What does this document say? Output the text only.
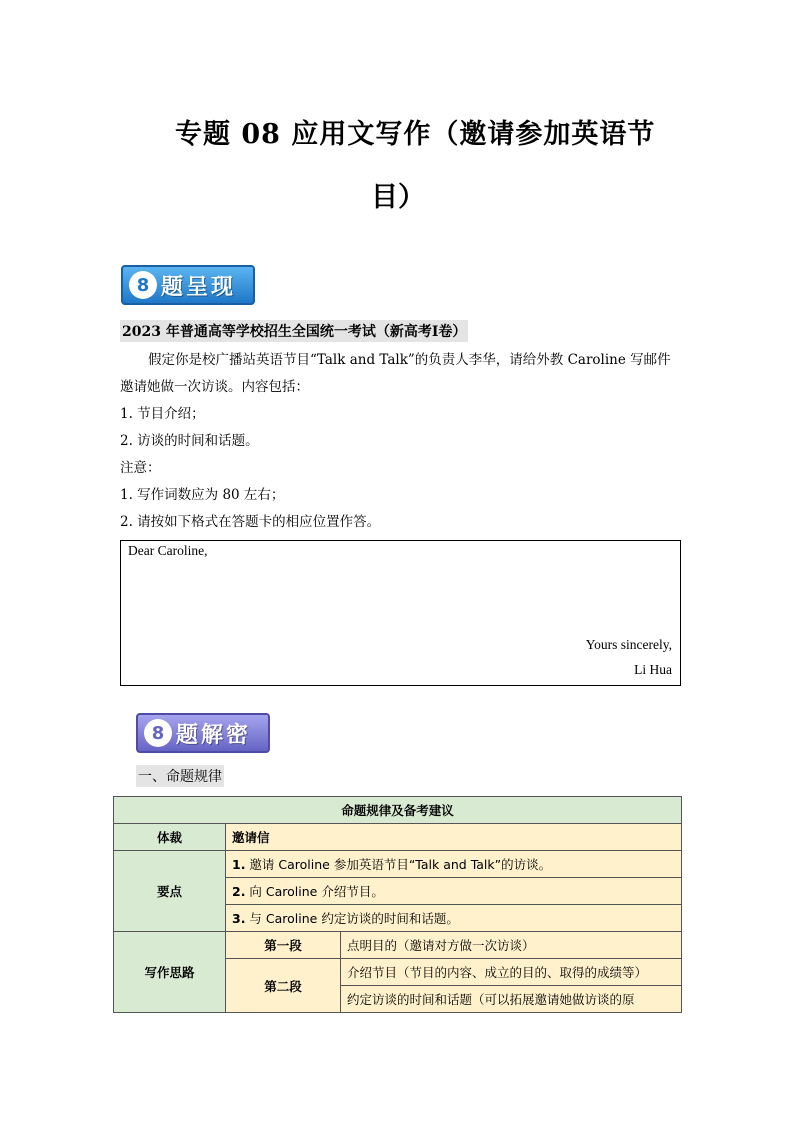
专题 08 应用文写作（邀请参加英语节
目）
8 题呈现
2023 年普通高等学校招生全国统一考试（新高考Ⅰ卷）
假定你是校广播站英语节目“Talk and Talk”的负责人李华，请给外教 Caroline 写邮件
邀请她做一次访谈。内容包括：
1. 节目介绍；
2. 访谈的时间和话题。
注意：
1. 写作词数应为 80 左右；
2. 请按如下格式在答题卡的相应位置作答。
Dear Caroline,
Yours sincerely,
Li Hua
8 题解密
一、命题规律
命题规律及备考建议		
体裁	邀请信	
要点	1. 邀请 Caroline 参加英语节目“Talk and Talk”的访谈。	
	2. 向 Caroline 介绍节目。	
	3. 与 Caroline 约定访谈的时间和话题。	
写作思路	第一段	点明目的（邀请对方做一次访谈）
	第二段	介绍节目（节目的内容、成立的目的、取得的成绩等）
		约定访谈的时间和话题（可以拓展邀请她做访谈的原
